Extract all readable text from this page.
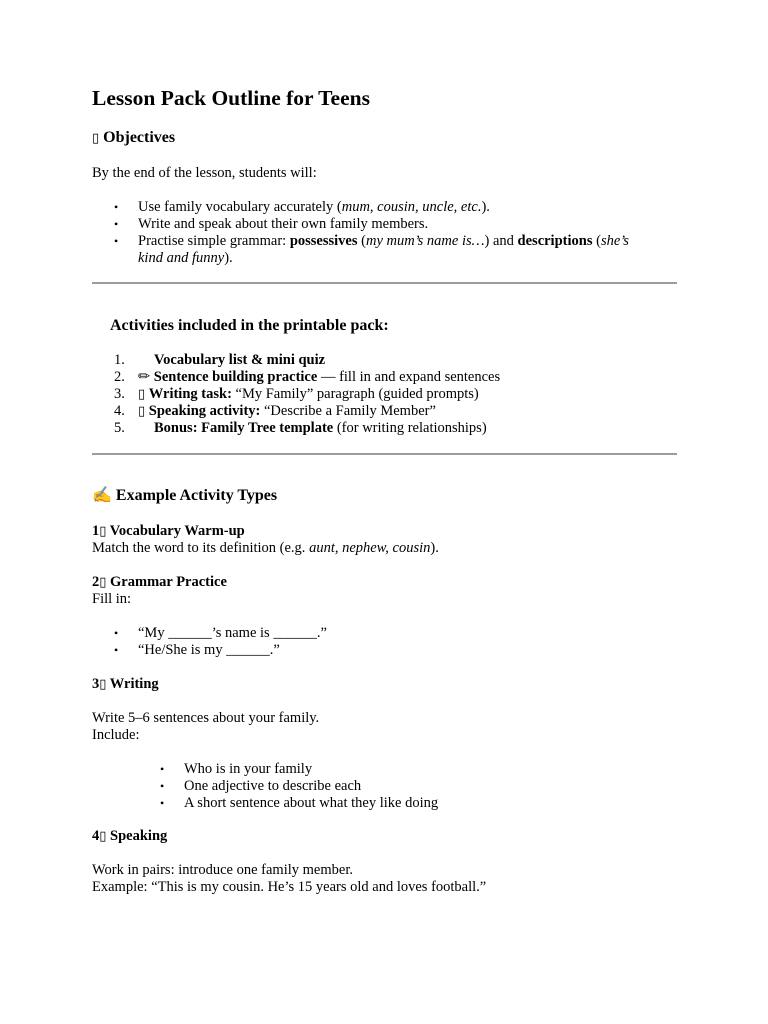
Lesson Pack Outline for Teens
▯ Objectives

By the end of the lesson, students will:

• Use family vocabulary accurately (mum, cousin, uncle, etc.).
• Write and speak about their own family members.
• Practise simple grammar: possessives (my mum’s name is…) and descriptions (she’s
kind and funny).
Activities included in the printable pack:
1. Vocabulary list & mini quiz
2. ✏ Sentence building practice — fill in and expand sentences
3. ▯ Writing task: “My Family” paragraph (guided prompts)
4. ▯ Speaking activity: “Describe a Family Member”
5. Bonus: Family Tree template (for writing relationships)
✍ Example Activity Types

1▯ Vocabulary Warm-up

Match the word to its definition (e.g. aunt, nephew, cousin).

2▯ Grammar Practice

Fill in:

• “My ______’s name is ______.”
• “He/She is my ______.”

3▯ Writing

Write 5–6 sentences about your family.

Include:

• Who is in your family
• One adjective to describe each
• A short sentence about what they like doing

4▯ Speaking

Work in pairs: introduce one family member.

Example: “This is my cousin. He’s 15 years old and loves football.”
